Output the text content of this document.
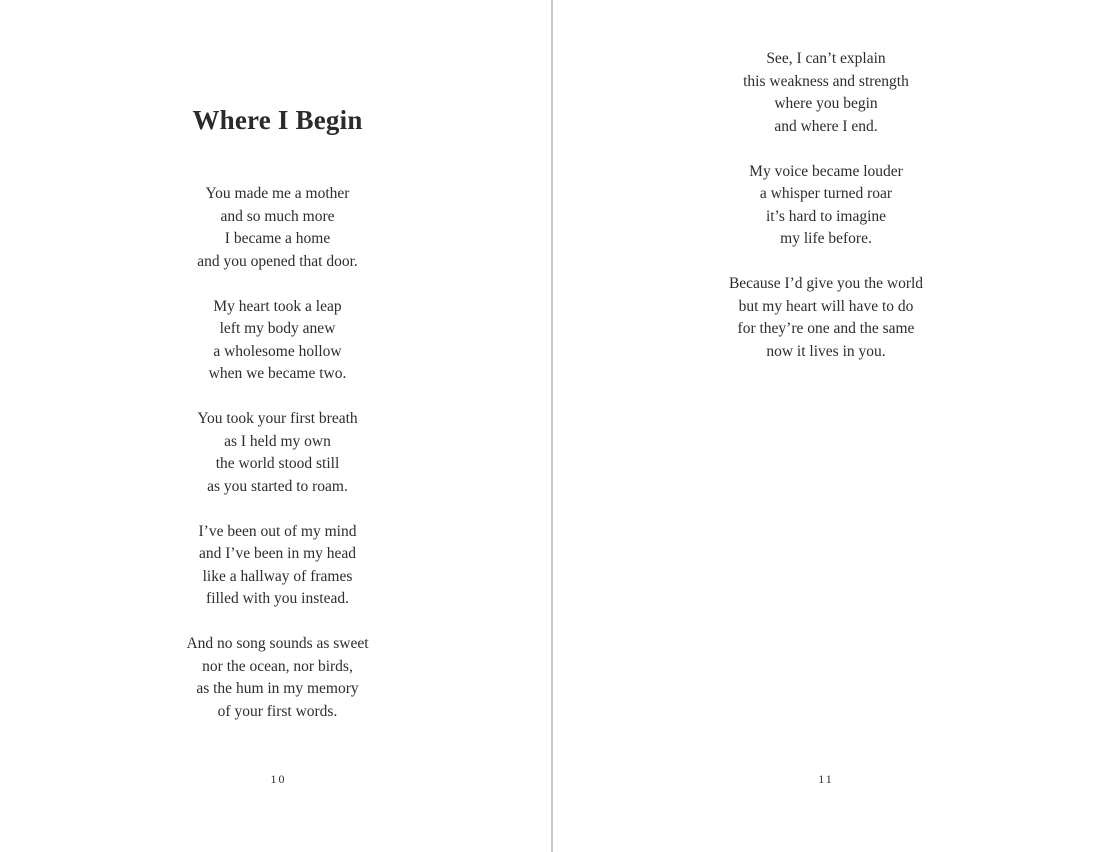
Where I Begin
You made me a mother
and so much more
I became a home
and you opened that door.
My heart took a leap
left my body anew
a wholesome hollow
when we became two.
You took your first breath
as I held my own
the world stood still
as you started to roam.
I’ve been out of my mind
and I’ve been in my head
like a hallway of frames
filled with you instead.
And no song sounds as sweet
nor the ocean, nor birds,
as the hum in my memory
of your first words.
10
See, I can’t explain
this weakness and strength
where you begin
and where I end.
My voice became louder
a whisper turned roar
it’s hard to imagine
my life before.
Because I’d give you the world
but my heart will have to do
for they’re one and the same
now it lives in you.
11
